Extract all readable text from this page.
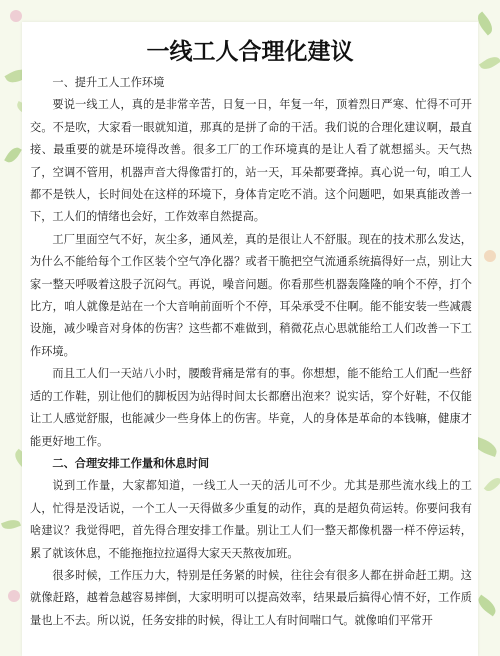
一线工人合理化建议

一、提升工人工作环境

要说一线工人，真的是非常辛苦，日复一日，年复一年，顶着烈日严寒、忙得不可开交。不是吹，大家看一眼就知道，那真的是拼了命的干活。我们说的合理化建议啊，最直接、最重要的就是环境得改善。很多工厂的工作环境真的是让人看了就想摇头。天气热了，空调不管用，机器声音大得像雷打的，站一天，耳朵都要聋掉。真心说一句，咱工人都不是铁人，长时间处在这样的环境下，身体肯定吃不消。这个问题吧，如果真能改善一下，工人们的情绪也会好，工作效率自然提高。

工厂里面空气不好，灰尘多，通风差，真的是很让人不舒服。现在的技术那么发达，为什么不能给每个工作区装个空气净化器？或者干脆把空气流通系统搞得好一点，别让大家一整天呼吸着这股子沉闷气。再说，噪音问题。你看那些机器轰隆隆的响个不停，打个比方，咱人就像是站在一个大音响前面听个不停，耳朵承受不住啊。能不能安装一些减震设施，减少噪音对身体的伤害？这些都不难做到，稍微花点心思就能给工人们改善一下工作环境。

而且工人们一天站八小时，腰酸背痛是常有的事。你想想，能不能给工人们配一些舒适的工作鞋，别让他们的脚板因为站得时间太长都磨出泡来？说实话，穿个好鞋，不仅能让工人感觉舒服，也能减少一些身体上的伤害。毕竟，人的身体是革命的本钱嘛，健康才能更好地工作。

二、合理安排工作量和休息时间

说到工作量，大家都知道，一线工人一天的活儿可不少。尤其是那些流水线上的工人，忙得是没话说，一个工人一天得做多少重复的动作，真的是超负荷运转。你要问我有啥建议？我觉得吧，首先得合理安排工作量。别让工人们一整天都像机器一样不停运转，累了就该休息，不能拖拖拉拉逼得大家天天熬夜加班。

很多时候，工作压力大，特别是任务紧的时候，往往会有很多人都在拼命赶工期。这就像赶路，越着急越容易摔倒，大家明明可以提高效率，结果最后搞得心情不好，工作质量也上不去。所以说，任务安排的时候，得让工人有时间喘口气。就像咱们平常开
